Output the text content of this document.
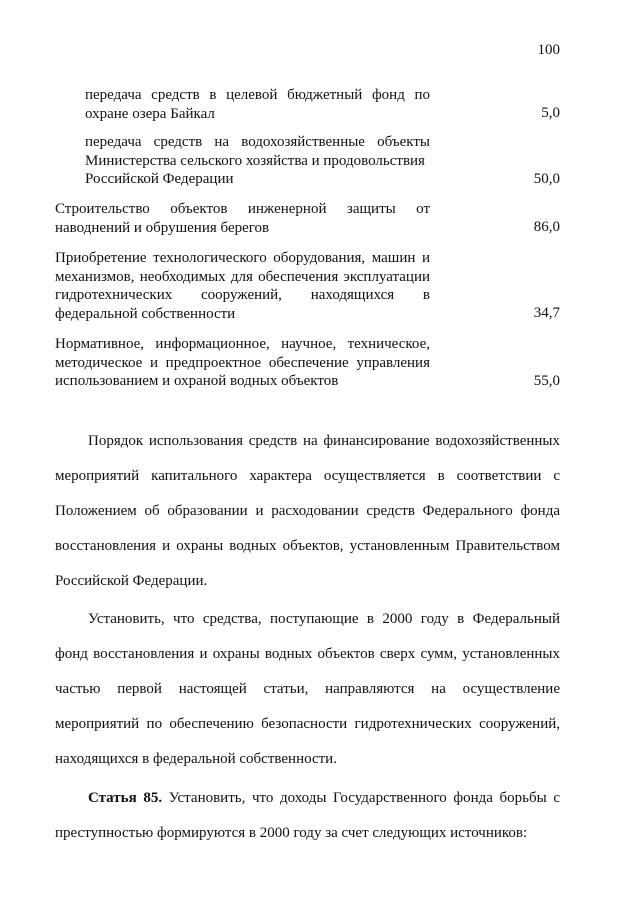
100
передача средств в целевой бюджетный фонд по
охране озера Байкал	5,0
передача средств на водохозяйственные объекты
Министерства сельского хозяйства и продовольствия
Российской Федерации	50,0
Строительство объектов инженерной защиты от
наводнений и обрушения берегов	86,0
Приобретение технологического оборудования, машин и
механизмов, необходимых для обеспечения эксплуатации
гидротехнических сооружений, находящихся в
федеральной собственности	34,7
Нормативное, информационное, научное, техническое,
методическое и предпроектное обеспечение управления
использованием и охраной водных объектов	55,0
Порядок использования средств на финансирование водохозяйственных
мероприятий капитального характера осуществляется в соответствии с
Положением об образовании и расходовании средств Федерального фонда
восстановления и охраны водных объектов, установленным Правительством
Российской Федерации.
Установить, что средства, поступающие в 2000 году в Федеральный
фонд восстановления и охраны водных объектов сверх сумм, установленных
частью первой настоящей статьи, направляются на осуществление
мероприятий по обеспечению безопасности гидротехнических сооружений,
находящихся в федеральной собственности.
Статья 85. Установить, что доходы Государственного фонда борьбы с
преступностью формируются в 2000 году за счет следующих источников:
